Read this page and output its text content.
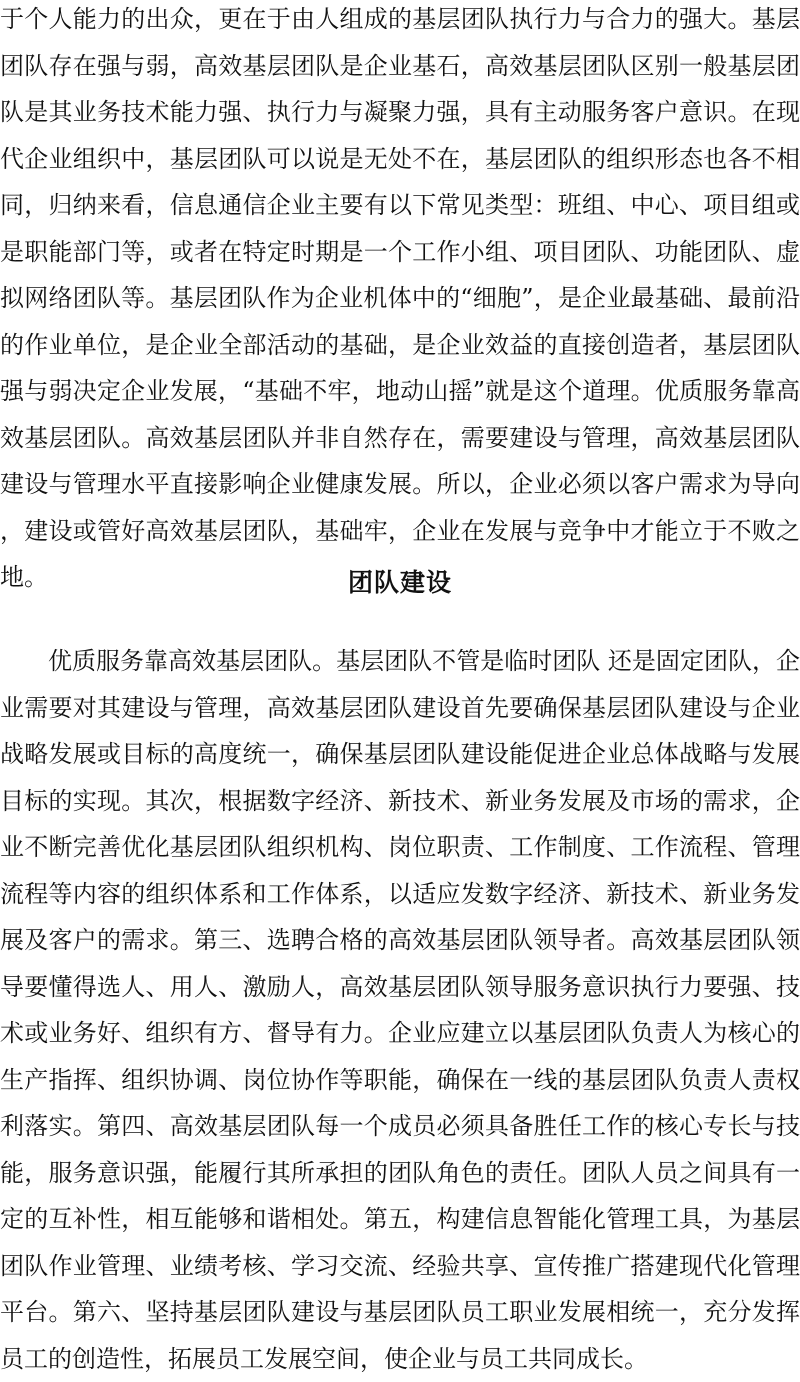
于个人能力的出众，更在于由人组成的基层团队执行力与合力的强大。基层团队存在强与弱，高效基层团队是企业基石，高效基层团队区别一般基层团队是其业务技术能力强、执行力与凝聚力强，具有主动服务客户意识。在现代企业组织中，基层团队可以说是无处不在，基层团队的组织形态也各不相同，归纳来看，信息通信企业主要有以下常见类型：班组、中心、项目组或是职能部门等，或者在特定时期是一个工作小组、项目团队、功能团队、虚拟网络团队等。基层团队作为企业机体中的“细胞”，是企业最基础、最前沿的作业单位，是企业全部活动的基础，是企业效益的直接创造者，基层团队强与弱决定企业发展，“基础不牢，地动山摇”就是这个道理。优质服务靠高效基层团队。高效基层团队并非自然存在，需要建设与管理，高效基层团队建设与管理水平直接影响企业健康发展。所以，企业必须以客户需求为导向，建设或管好高效基层团队，基础牢，企业在发展与竞争中才能立于不败之地。	团队建设

优质服务靠高效基层团队。基层团队不管是临时团队 还是固定团队，企业需要对其建设与管理，高效基层团队建设首先要确保基层团队建设与企业战略发展或目标的高度统一，确保基层团队建设能促进企业总体战略与发展目标的实现。其次，根据数字经济、新技术、新业务发展及市场的需求，企业不断完善优化基层团队组织机构、岗位职责、工作制度、工作流程、管理流程等内容的组织体系和工作体系，以适应发数字经济、新技术、新业务发展及客户的需求。第三、选聘合格的高效基层团队领导者。高效基层团队领导要懂得选人、用人、激励人，高效基层团队领导服务意识执行力要强、技术或业务好、组织有方、督导有力。企业应建立以基层团队负责人为核心的生产指挥、组织协调、岗位协作等职能，确保在一线的基层团队负责人责权利落实。第四、高效基层团队每一个成员必须具备胜任工作的核心专长与技能，服务意识强，能履行其所承担的团队角色的责任。团队人员之间具有一定的互补性，相互能够和谐相处。第五，构建信息智能化管理工具，为基层团队作业管理、业绩考核、学习交流、经验共享、宣传推广搭建现代化管理平台。第六、坚持基层团队建设与基层团队员工职业发展相统一，充分发挥员工的创造性，拓展员工发展空间，使企业与员工共同成长。
